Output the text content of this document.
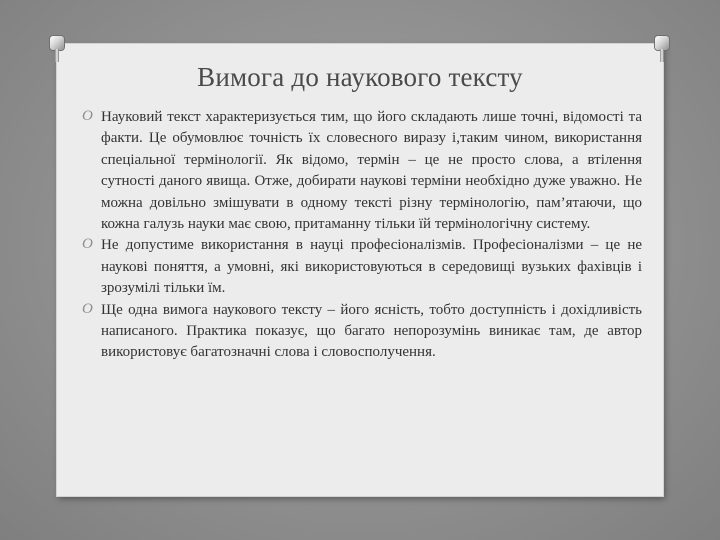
Вимога до наукового тексту
O Науковий текст характеризується тим, що його складають лише точні, відомості та факти. Це обумовлює точність їх словесного виразу і,таким чином, використання спеціальної термінології. Як відомо, термін – це не просто слова, а втілення сутності даного явища. Отже, добирати наукові терміни необхідно дуже уважно. Не можна довільно змішувати в одному тексті різну термінологію, пам’ятаючи, що кожна галузь науки має свою, притаманну тільки їй термінологічну систему.
O Не допустиме використання в науці професіоналізмів. Професіоналізми – це не наукові поняття, а умовні, які використовуються в середовищі вузьких фахівців і зрозумілі тільки їм.
O Ще одна вимога наукового тексту – його ясність, тобто доступність і дохідливість написаного. Практика показує, що багато непорозумінь виникає там, де автор використовує багатозначні слова і словосполучення.
